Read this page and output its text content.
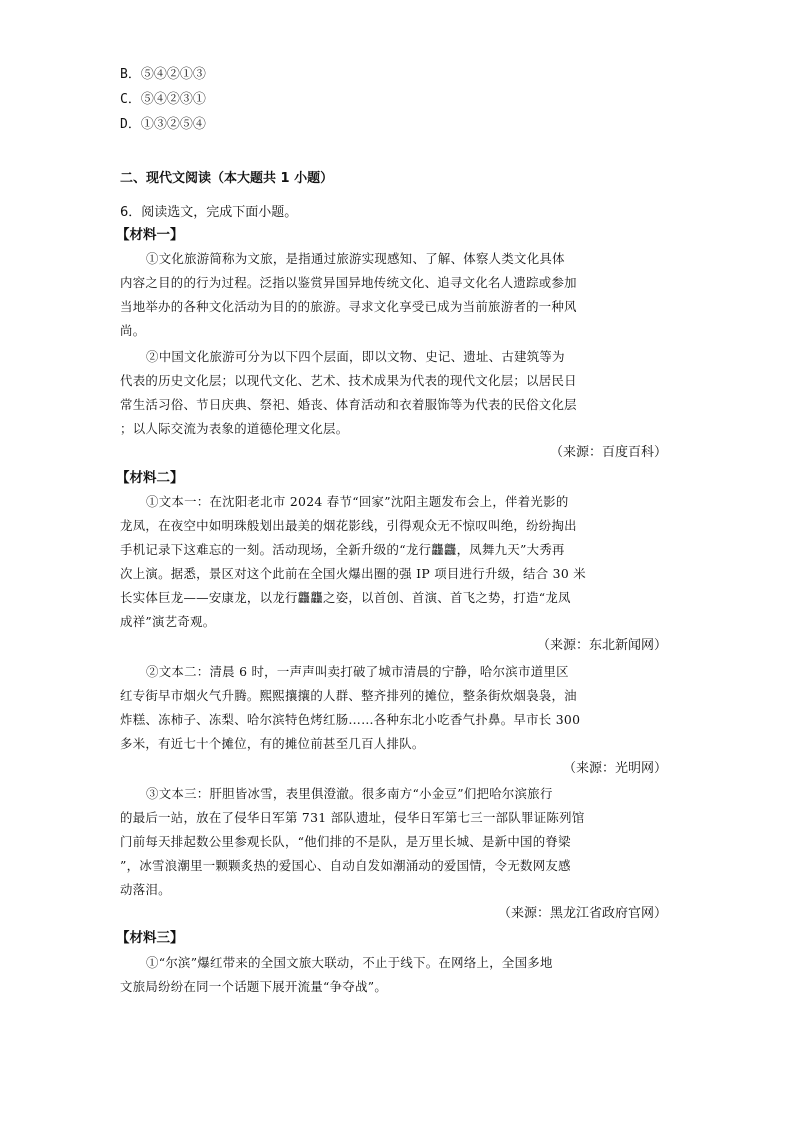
B．⑤④②①③
C．⑤④②③①
D．①③②⑤④
二、现代文阅读（本大题共 1 小题）
6．阅读选文，完成下面小题。
【材料一】
①文化旅游简称为文旅，是指通过旅游实现感知、了解、体察人类文化具体
内容之目的的行为过程。泛指以鉴赏异国异地传统文化、追寻文化名人遗踪或参加
当地举办的各种文化活动为目的的旅游。寻求文化享受已成为当前旅游者的一种风
尚。
②中国文化旅游可分为以下四个层面，即以文物、史记、遗址、古建筑等为
代表的历史文化层；以现代文化、艺术、技术成果为代表的现代文化层；以居民日
常生活习俗、节日庆典、祭祀、婚丧、体育活动和衣着服饰等为代表的民俗文化层
；以人际交流为表象的道德伦理文化层。
（来源：百度百科）
【材料二】
①文本一：在沈阳老北市 2024 春节“回家”沈阳主题发布会上，伴着光影的
龙凤，在夜空中如明珠般划出最美的烟花影线，引得观众无不惊叹叫绝，纷纷掏出
手机记录下这难忘的一刻。活动现场，全新升级的“龙行龘龘，凤舞九天”大秀再
次上演。据悉，景区对这个此前在全国火爆出圈的强 IP 项目进行升级，结合 30 米
长实体巨龙——安康龙，以龙行龘龘之姿，以首创、首演、首飞之势，打造“龙凤
成祥”演艺奇观。
（来源：东北新闻网）
②文本二：清晨 6 时，一声声叫卖打破了城市清晨的宁静，哈尔滨市道里区
红专街早市烟火气升腾。熙熙攘攘的人群、整齐排列的摊位，整条街炊烟袅袅，油
炸糕、冻柿子、冻梨、哈尔滨特色烤红肠……各种东北小吃香气扑鼻。早市长 300
多米，有近七十个摊位，有的摊位前甚至几百人排队。
（来源：光明网）
③文本三：肝胆皆冰雪，表里俱澄澈。很多南方“小金豆”们把哈尔滨旅行
的最后一站，放在了侵华日军第 731 部队遗址，侵华日军第七三一部队罪证陈列馆
门前每天排起数公里参观长队，“他们排的不是队，是万里长城、是新中国的脊梁
”，冰雪浪潮里一颗颗炙热的爱国心、自动自发如潮涌动的爱国情，令无数网友感
动落泪。
（来源：黑龙江省政府官网）
【材料三】
①“尔滨”爆红带来的全国文旅大联动，不止于线下。在网络上，全国多地
文旅局纷纷在同一个话题下展开流量“争夺战”。
